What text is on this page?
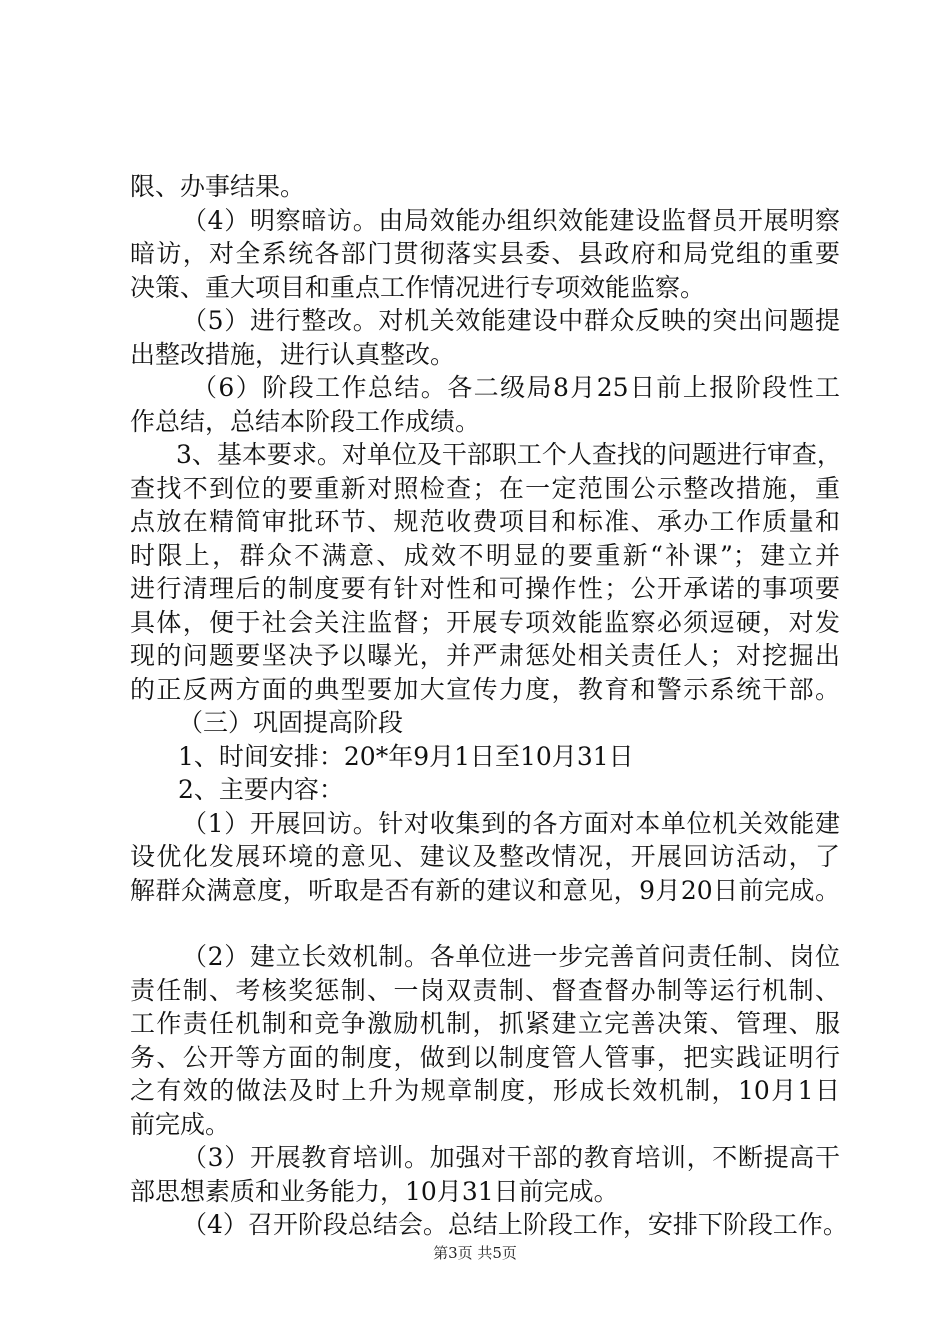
限、办事结果。
（4）明察暗访。由局效能办组织效能建设监督员开展明察
暗访，对全系统各部门贯彻落实县委、县政府和局党组的重要
决策、重大项目和重点工作情况进行专项效能监察。
（5）进行整改。对机关效能建设中群众反映的突出问题提
出整改措施，进行认真整改。
（6）阶段工作总结。各二级局8月25日前上报阶段性工
作总结，总结本阶段工作成绩。
3、基本要求。对单位及干部职工个人查找的问题进行审查，
查找不到位的要重新对照检查；在一定范围公示整改措施，重
点放在精简审批环节、规范收费项目和标准、承办工作质量和
时限上，群众不满意、成效不明显的要重新“补课”；建立并
进行清理后的制度要有针对性和可操作性；公开承诺的事项要
具体，便于社会关注监督；开展专项效能监察必须逗硬，对发
现的问题要坚决予以曝光，并严肃惩处相关责任人；对挖掘出
的正反两方面的典型要加大宣传力度，教育和警示系统干部。
（三）巩固提高阶段
1、时间安排：20*年9月1日至10月31日
2、主要内容：
（1）开展回访。针对收集到的各方面对本单位机关效能建
设优化发展环境的意见、建议及整改情况，开展回访活动，了
解群众满意度，听取是否有新的建议和意见，9月20日前完成。
（2）建立长效机制。各单位进一步完善首问责任制、岗位
责任制、考核奖惩制、一岗双责制、督查督办制等运行机制、
工作责任机制和竞争激励机制，抓紧建立完善决策、管理、服
务、公开等方面的制度，做到以制度管人管事，把实践证明行
之有效的做法及时上升为规章制度，形成长效机制，10月1日
前完成。
（3）开展教育培训。加强对干部的教育培训，不断提高干
部思想素质和业务能力，10月31日前完成。
（4）召开阶段总结会。总结上阶段工作，安排下阶段工作。
第3页 共5页
